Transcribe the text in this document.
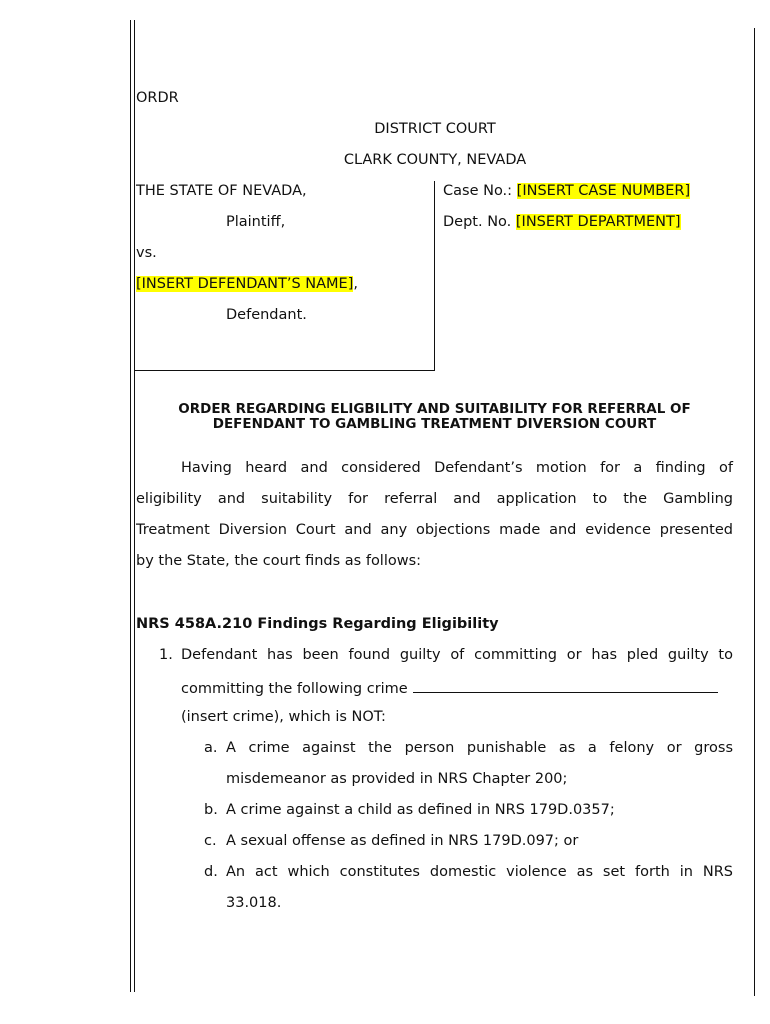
ORDR
DISTRICT COURT
CLARK COUNTY, NEVADA
THE STATE OF NEVADA,
Plaintiff,
vs.
[INSERT DEFENDANT’S NAME],
Defendant.
Case No.: [INSERT CASE NUMBER]
Dept. No. [INSERT DEPARTMENT]
ORDER REGARDING ELIGBILITY AND SUITABILITY FOR REFERRAL OF
DEFENDANT TO GAMBLING TREATMENT DIVERSION COURT
Having heard and considered Defendant’s motion for a finding of
eligibility and suitability for referral and application to the Gambling
Treatment Diversion Court and any objections made and evidence presented
by the State, the court finds as follows:
NRS 458A.210 Findings Regarding Eligibility
1. Defendant has been found guilty of committing or has pled guilty to
committing the following crime
(insert crime), which is NOT:
a. A crime against the person punishable as a felony or gross
misdemeanor as provided in NRS Chapter 200;
b. A crime against a child as defined in NRS 179D.0357;
c. A sexual offense as defined in NRS 179D.097; or
d. An act which constitutes domestic violence as set forth in NRS
33.018.
